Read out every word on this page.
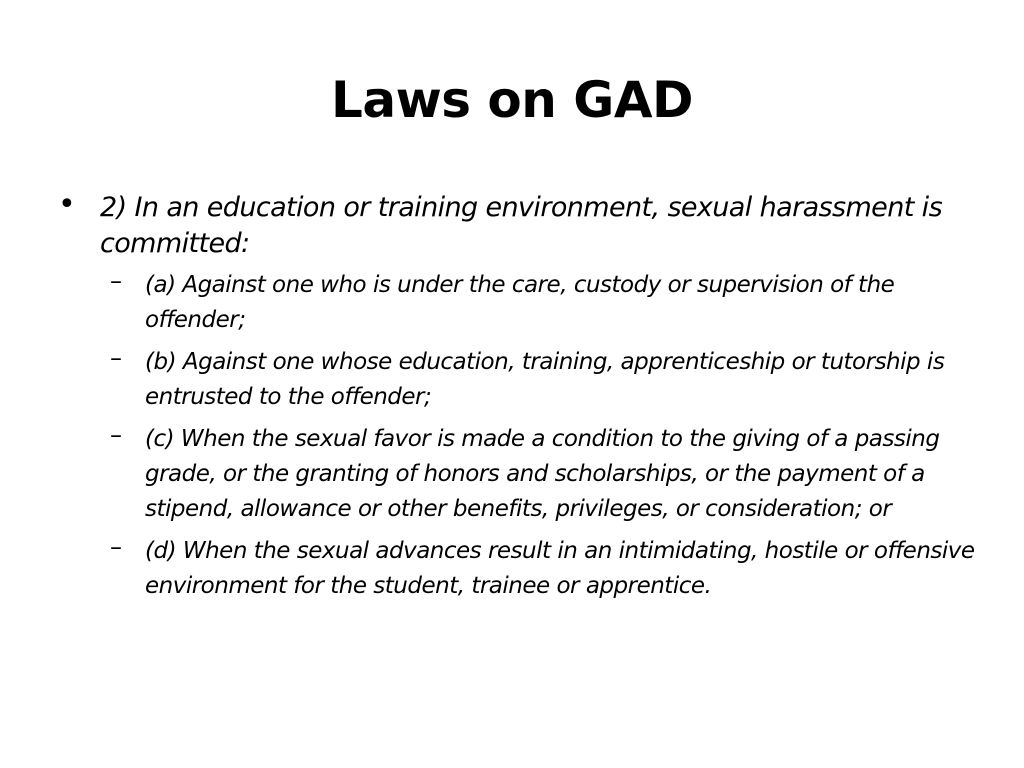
Laws on GAD
• 2) In an education or training environment, sexual harassment is committed:
– (a) Against one who is under the care, custody or supervision of the offender;
– (b) Against one whose education, training, apprenticeship or tutorship is entrusted to the offender;
– (c) When the sexual favor is made a condition to the giving of a passing grade, or the granting of honors and scholarships, or the payment of a stipend, allowance or other benefits, privileges, or consideration; or
– (d) When the sexual advances result in an intimidating, hostile or offensive environment for the student, trainee or apprentice.
